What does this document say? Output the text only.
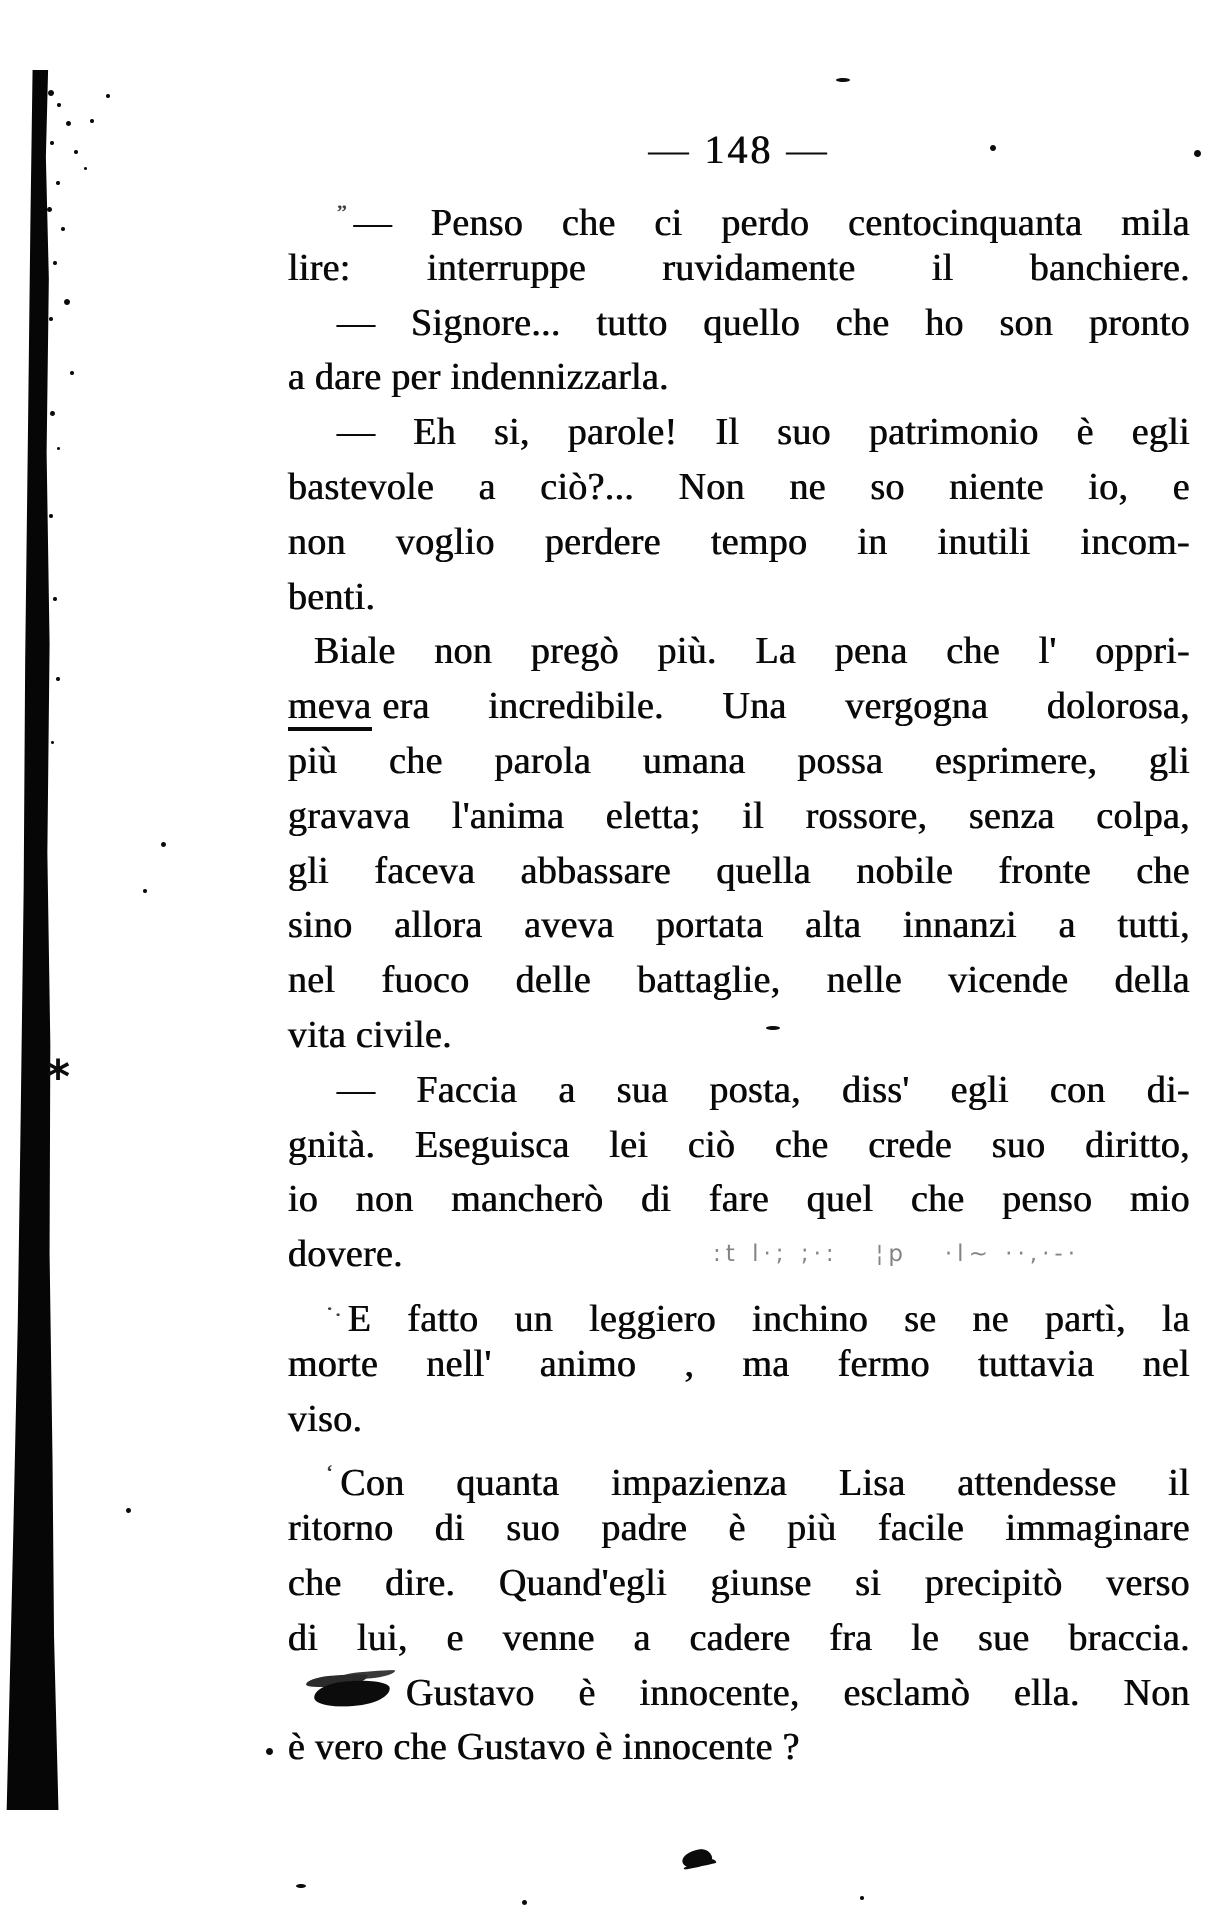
*
— 148 —
” — Penso che ci perdo centocinquanta mila
lire: interruppe ruvidamente il banchiere.
— Signore... tutto quello che ho son pronto
a dare per indennizzarla.
— Eh si, parole! Il suo patrimonio è egli
bastevole a ciò?... Non ne so niente io, e
non voglio perdere tempo in inutili incom-
benti.
Biale non pregò più. La pena che l' oppri-
meva era incredibile. Una vergogna dolorosa,
più che parola umana possa esprimere, gli
gravava l'anima eletta; il rossore, senza colpa,
gli faceva abbassare quella nobile fronte che
sino allora aveva portata alta innanzi a tutti,
nel fuoco delle battaglie, nelle vicende della
vita civile.
— Faccia a sua posta, diss' egli con di-
gnità. Eseguisca lei ciò che crede suo diritto,
io non mancherò di fare quel che penso mio
dovere.	:t l·; ;·:   ¦p   ·l~ ··,·-·
·. E fatto un leggiero inchino se ne partì, la
morte nell' animo , ma fermo tuttavia nel
viso.
‘ Con quanta impazienza Lisa attendesse il
ritorno di suo padre è più facile immaginare
che dire. Quand'egli giunse si precipitò verso
di lui, e venne a cadere fra le sue braccia.
Gustavo è innocente, esclamò ella. Non
è vero che Gustavo è innocente ?
